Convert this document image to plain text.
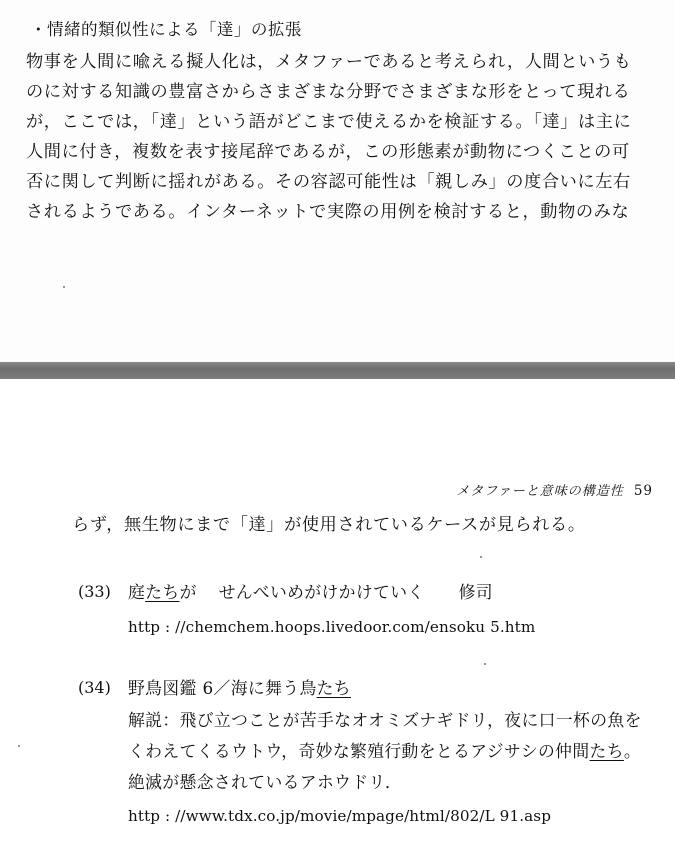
・情緒的類似性による「達」の拡張
物事を人間に喩える擬人化は，メタファーであると考えられ，人間というも
のに対する知識の豊富さからさまざまな分野でさまざまな形をとって現れる
が，ここでは，「達」という語がどこまで使えるかを検証する。「達」は主に
人間に付き，複数を表す接尾辞であるが，この形態素が動物につくことの可
否に関して判断に揺れがある。その容認可能性は「親しみ」の度合いに左右
されるようである。インターネットで実際の用例を検討すると，動物のみな
メタファーと意味の構造性 59
らず，無生物にまで「達」が使用されているケースが見られる。
(33) 庭たちが せんべいめがけかけていく 修司
http : //chemchem.hoops.livedoor.com/ensoku 5.htm
(34) 野鳥図鑑 6／海に舞う鳥たち
解説：飛び立つことが苦手なオオミズナギドリ，夜に口一杯の魚を
くわえてくるウトウ，奇妙な繁殖行動をとるアジサシの仲間たち。
絶滅が懸念されているアホウドリ．
http : //www.tdx.co.jp/movie/mpage/html/802/L 91.asp
